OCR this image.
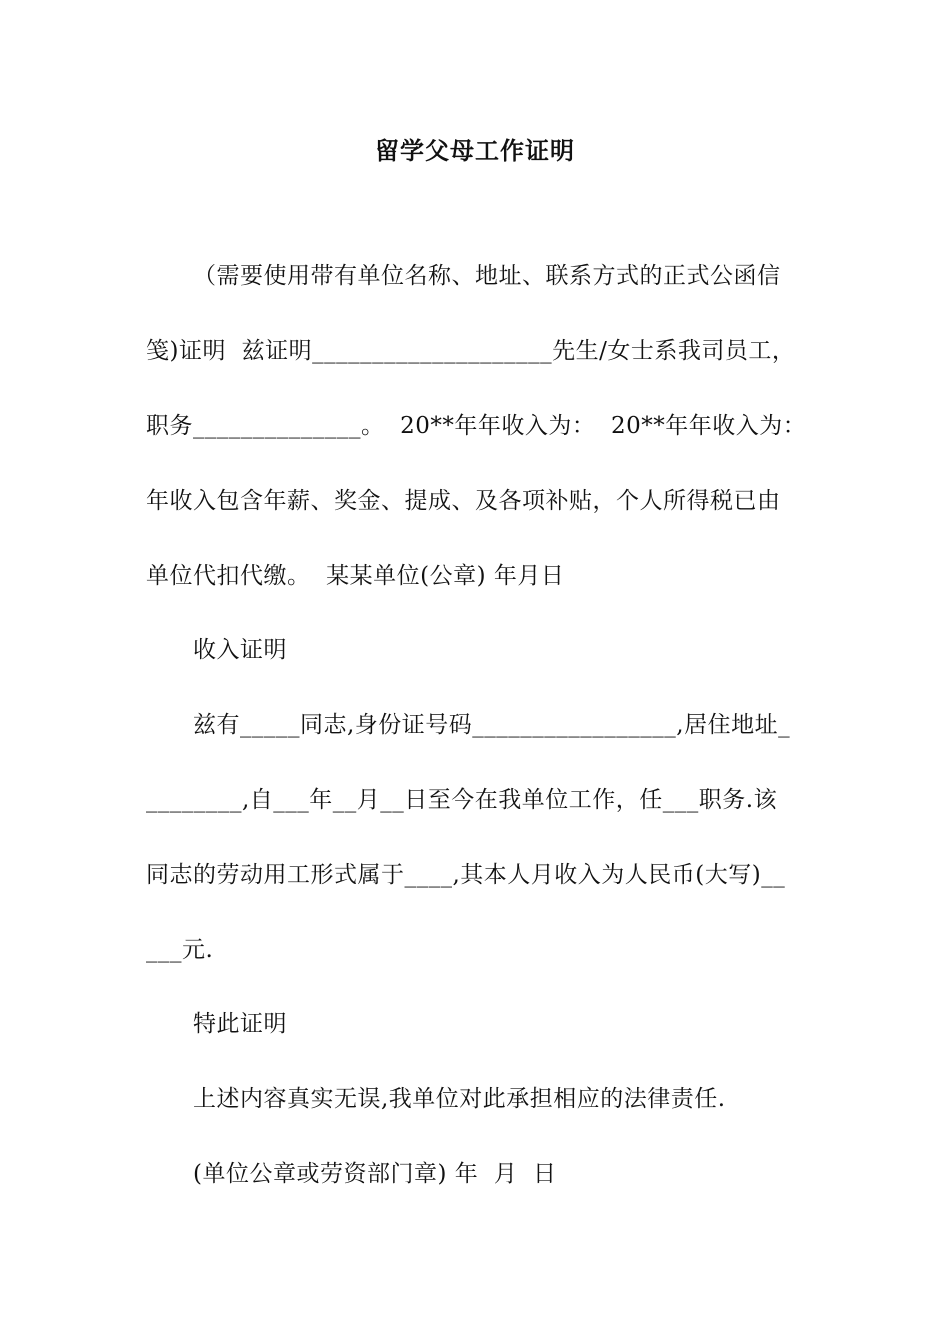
留学父母工作证明
（需要使用带有单位名称、地址、联系方式的正式公函信
笺)证明  兹证明____________________先生/女士系我司员工，
职务______________。  20**年年收入为：  20**年年收入为：
年收入包含年薪、奖金、提成、及各项补贴，个人所得税已由
单位代扣代缴。  某某单位(公章) 年月日
收入证明
兹有_____同志,身份证号码_________________,居住地址_
________,自___年__月__日至今在我单位工作，任___职务.该
同志的劳动用工形式属于____,其本人月收入为人民币(大写)__
___元.
特此证明
上述内容真实无误,我单位对此承担相应的法律责任.
(单位公章或劳资部门章) 年  月  日
